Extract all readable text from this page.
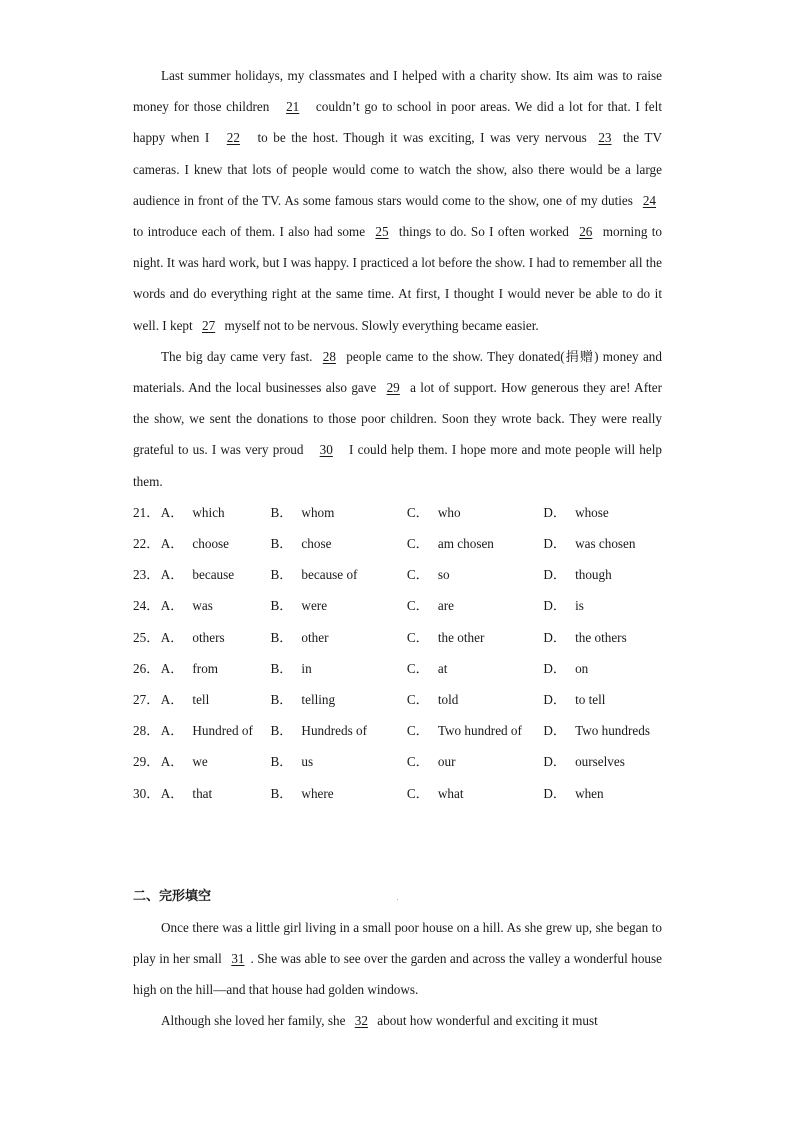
Last summer holidays, my classmates and I helped with a charity show. Its aim was to raise money for those children 21 couldn’t go to school in poor areas. We did a lot for that. I felt happy when I 22 to be the host. Though it was exciting, I was very nervous 23 the TV cameras. I knew that lots of people would come to watch the show, also there would be a large audience in front of the TV. As some famous stars would come to the show, one of my duties 24 to introduce each of them. I also had some 25 things to do. So I often worked 26 morning to night. It was hard work, but I was happy. I practiced a lot before the show. I had to remember all the words and do everything right at the same time. At first, I thought I would never be able to do it well. I kept 27 myself not to be nervous. Slowly everything became easier.

The big day came very fast. 28 people came to the show. They donated(捐赠) money and materials. And the local businesses also gave 29 a lot of support. How generous they are! After the show, we sent the donations to those poor children. Soon they wrote back. They were really grateful to us. I was very proud 30 I could help them. I hope more and mote people will help them.

21． A． which	B． whom	C． who	D． whose
22． A． choose	B． chose	C． am chosen	D． was chosen
23． A． because	B． because of	C． so	D． though
24． A． was	B． were	C． are	D． is
25． A． others	B． other	C． the other	D． the others
26． A． from	B． in	C． at	D． on
27． A． tell	B． telling	C． told	D． to tell
28． A． Hundred of	B． Hundreds of	C． Two hundred of	D． Two hundreds
29． A． we	B． us	C． our	D． ourselves
30． A． that	B． where	C． what	D． when
二、完形填空

Once there was a little girl living in a small poor house on a hill. As she grew up, she began to play in her small 31 . She was able to see over the garden and across the valley a wonderful house high on the hill—and that house had golden windows.

Although she loved her family, she 32 about how wonderful and exciting it must
